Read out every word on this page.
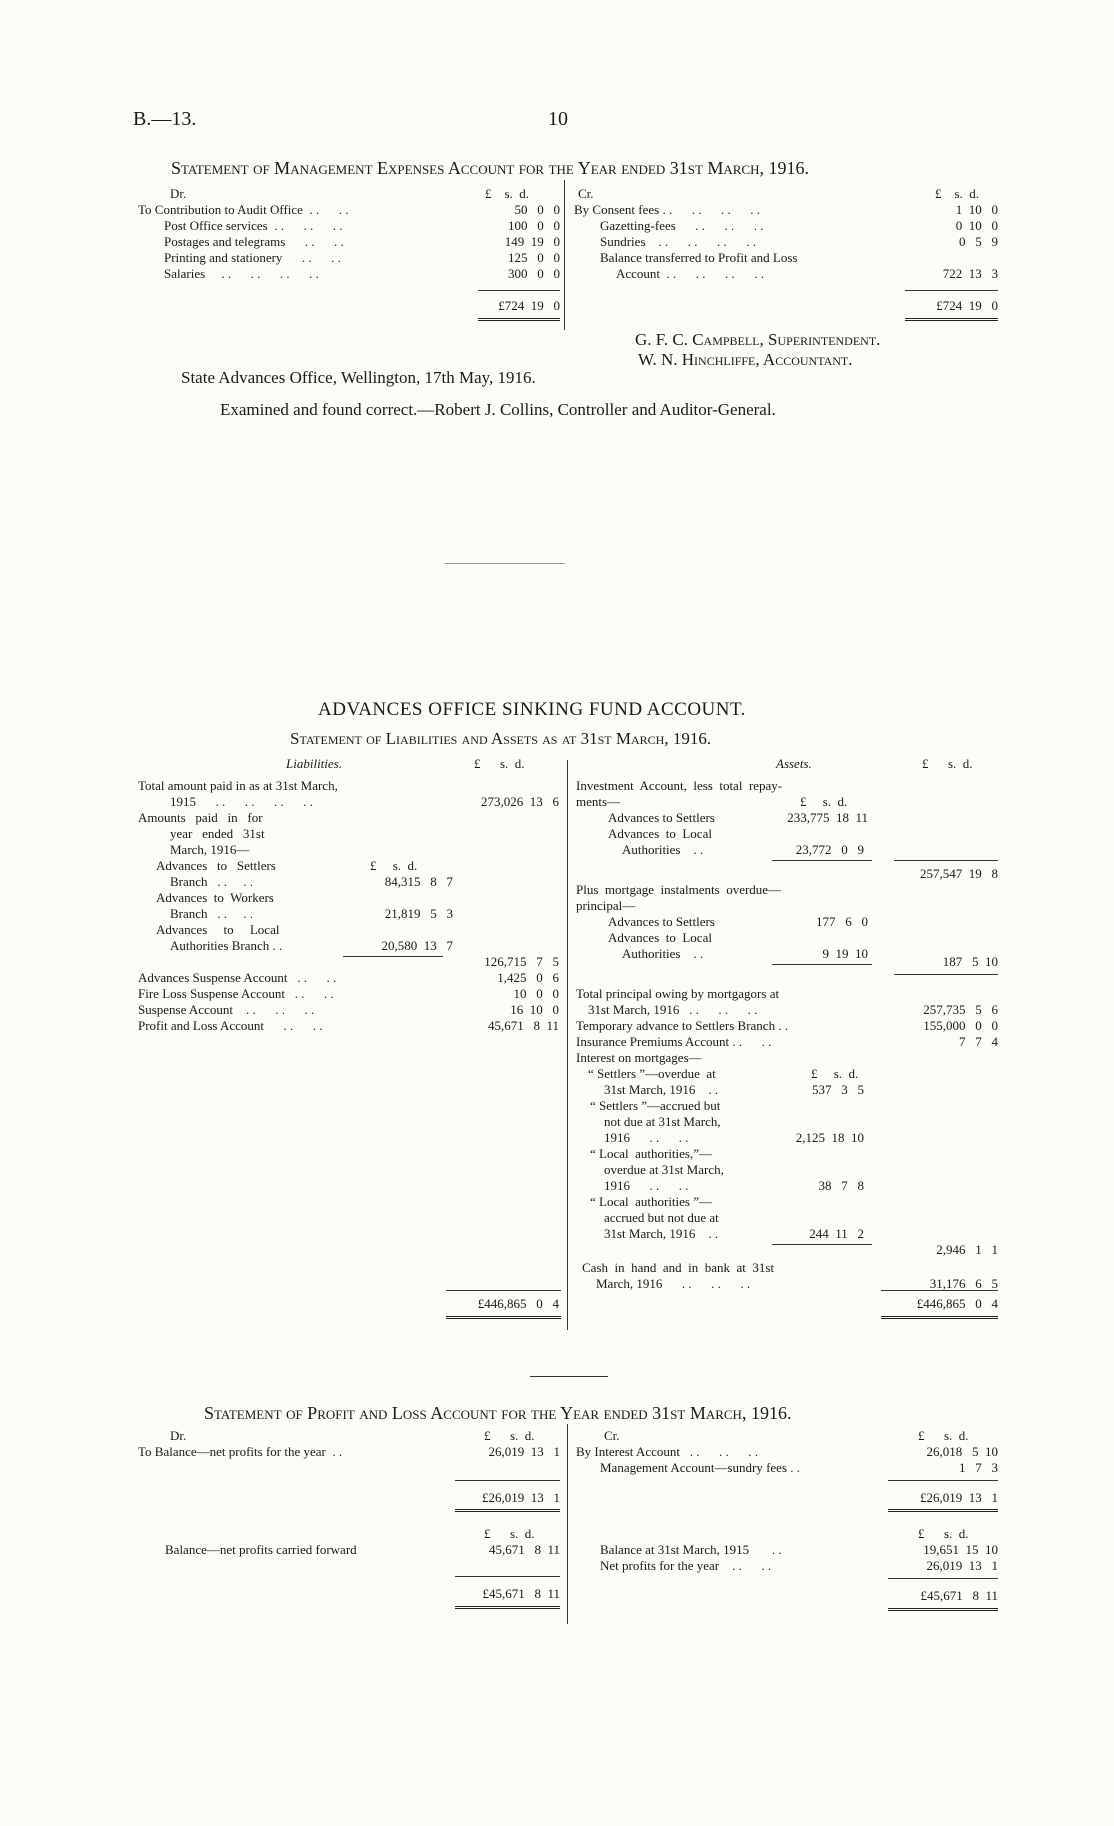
B.—13.	10
Statement of Management Expenses Account for the Year ended 31st March, 1916.
Dr.	£    s.  d.	Cr.	£    s.  d.
To Contribution to Audit Office  . .      . .	50   0   0
Post Office services  . .      . .      . .	100   0   0
Postages and telegrams      . .      . .	149  19   0
Printing and stationery      . .      . .	125   0   0
Salaries     . .      . .      . .      . .	300   0   0
£724  19   0
By Consent fees . .      . .      . .      . .	1  10   0
Gazetting-fees      . .      . .      . .	0  10   0
Sundries    . .      . .      . .      . .	0   5   9
Balance transferred to Profit and Loss
Account  . .      . .      . .      . .	722  13   3
£724  19   0
G. F. C. Campbell, Superintendent.
W. N. Hinchliffe, Accountant.
State Advances Office, Wellington, 17th May, 1916.
Examined and found correct.—Robert J. Collins, Controller and Auditor-General.
ADVANCES OFFICE SINKING FUND ACCOUNT.
Statement of Liabilities and Assets as at 31st March, 1916.
Liabilities.	£      s.  d.	Assets.	£      s.  d.
Total amount paid in as at 31st March,
1915      . .      . .      . .      . .	273,026  13   6
Amounts   paid   in   for
year   ended   31st
March, 1916—
Advances   to   Settlers	£     s.  d.
Branch   . .     . .	84,315   8   7
Advances  to  Workers
Branch   . .     . .	21,819   5   3
Advances     to     Local
Authorities Branch . .	20,580  13   7
126,715   7   5
Advances Suspense Account   . .      . .	1,425   0   6
Fire Loss Suspense Account   . .      . .	10   0   0
Suspense Account    . .      . .      . .	16  10   0
Profit and Loss Account      . .      . .	45,671   8  11
£446,865   0   4
Investment  Account,  less  total  repay-
ments—	£     s.  d.
Advances to Settlers	233,775  18  11
Advances  to  Local
Authorities    . .	23,772   0   9
257,547  19   8
Plus  mortgage  instalments  overdue—
principal—
Advances to Settlers	177   6   0
Advances  to  Local
Authorities    . .	9  19  10
187   5  10
Total principal owing by mortgagors at
31st March, 1916   . .      . .      . .	257,735   5   6
Temporary advance to Settlers Branch . .	155,000   0   0
Insurance Premiums Account . .      . .	7   7   4
Interest on mortgages—
“ Settlers ”—overdue  at	£     s.  d.
31st March, 1916    . .	537   3   5
“ Settlers ”—accrued but
not due at 31st March,
1916      . .      . .	2,125  18  10
“ Local  authorities,”—
overdue at 31st March,
1916      . .      . .	38   7   8
“ Local  authorities ”—
accrued but not due at
31st March, 1916    . .	244  11   2
2,946   1   1
Cash  in  hand  and  in  bank  at  31st
March, 1916      . .      . .      . .	31,176   6   5
£446,865   0   4
Statement of Profit and Loss Account for the Year ended 31st March, 1916.
Dr.	£      s.  d.	Cr.	£      s.  d.
To Balance—net profits for the year  . .	26,019  13   1
£26,019  13   1
£      s.  d.
Balance—net profits carried forward	45,671   8  11
£45,671   8  11
By Interest Account   . .      . .      . .	26,018   5  10
Management Account—sundry fees . .	1   7   3
£26,019  13   1
£      s.  d.
Balance at 31st March, 1915       . .	19,651  15  10
Net profits for the year    . .      . .	26,019  13   1
£45,671   8  11
